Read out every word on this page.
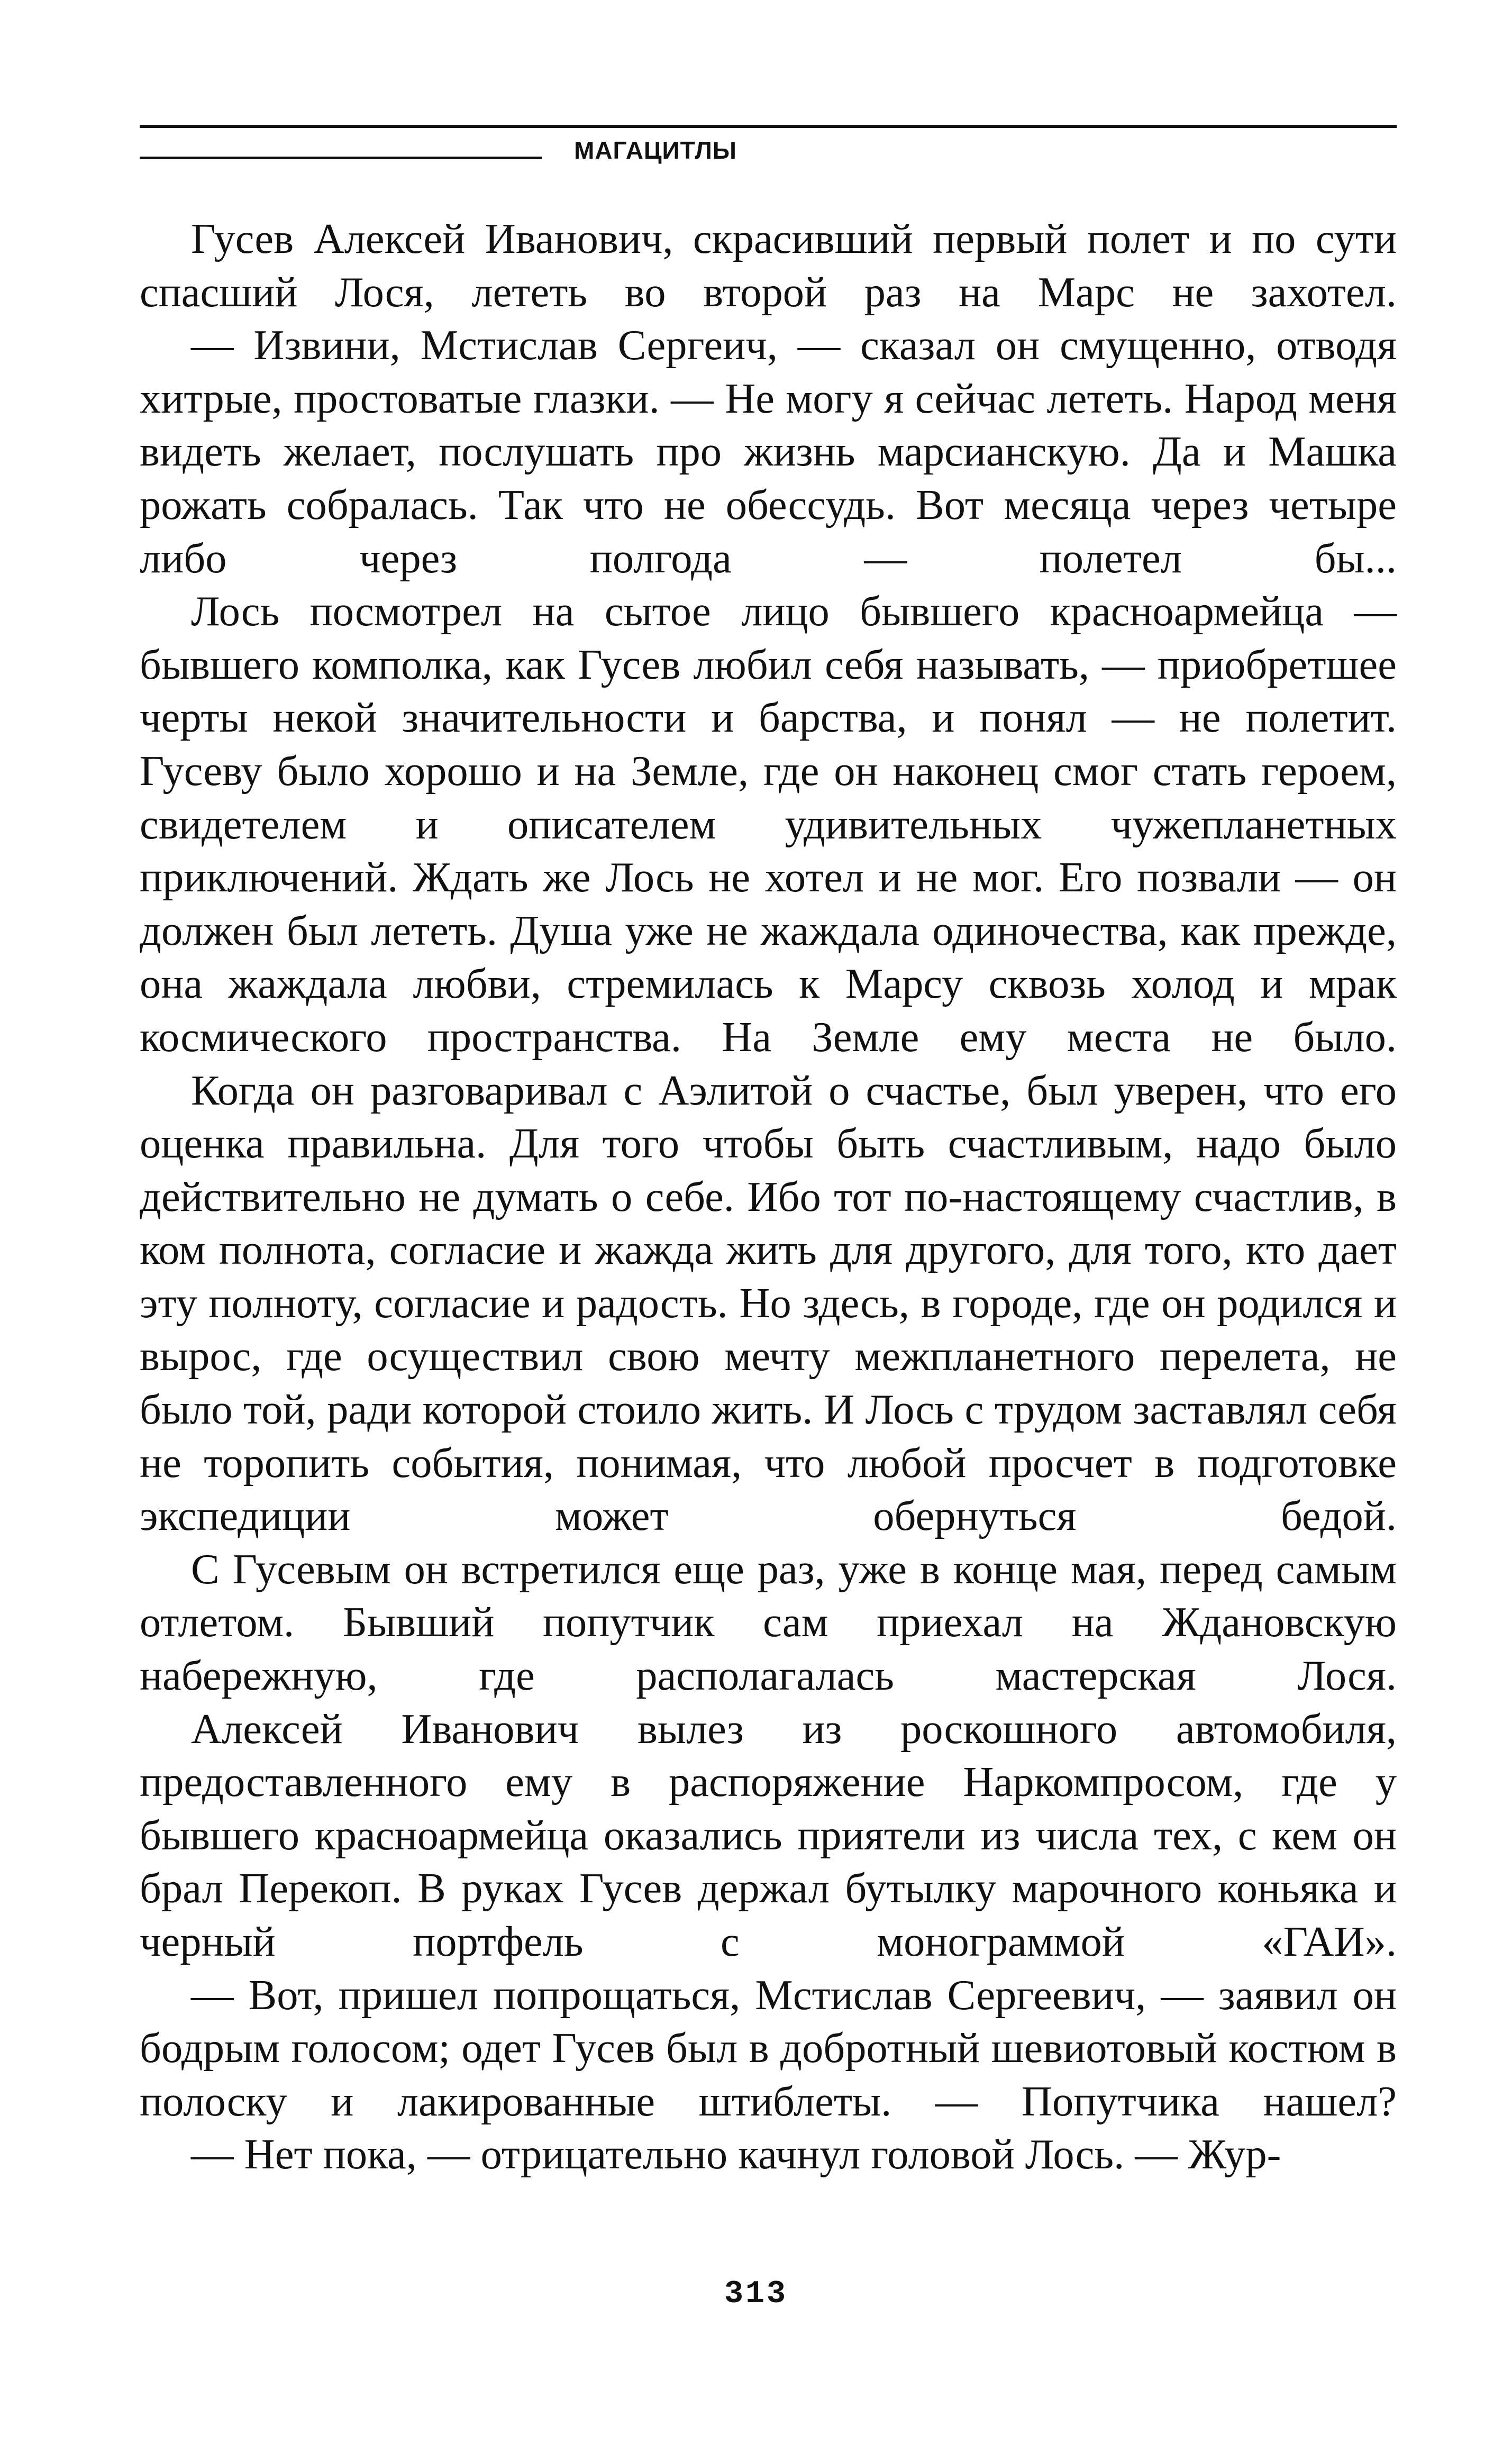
МАГАЦИТЛЫ

Гусев Алексей Иванович, скрасивший первый полет и по сути спасший Лося, лететь во второй раз на Марс не захотел.

— Извини, Мстислав Сергеич, — сказал он смущенно, отводя хитрые, простоватые глазки. — Не могу я сейчас лететь. Народ меня видеть желает, послушать про жизнь марсианскую. Да и Машка рожать собралась. Так что не обессудь. Вот месяца через четыре либо через полгода — полетел бы...

Лось посмотрел на сытое лицо бывшего красноармейца — бывшего комполка, как Гусев любил себя называть, — приобретшее черты некой значительности и барства, и понял — не полетит. Гусеву было хорошо и на Земле, где он наконец смог стать героем, свидетелем и описателем удивительных чужепланетных приключений. Ждать же Лось не хотел и не мог. Его позвали — он должен был лететь. Душа уже не жаждала одиночества, как прежде, она жаждала любви, стремилась к Марсу сквозь холод и мрак космического пространства. На Земле ему места не было.

Когда он разговаривал с Аэлитой о счастье, был уверен, что его оценка правильна. Для того чтобы быть счастливым, надо было действительно не думать о себе. Ибо тот по-настоящему счастлив, в ком полнота, согласие и жажда жить для другого, для того, кто дает эту полноту, согласие и радость. Но здесь, в городе, где он родился и вырос, где осуществил свою мечту межпланетного перелета, не было той, ради которой стоило жить. И Лось с трудом заставлял себя не торопить события, понимая, что любой просчет в подготовке экспедиции может обернуться бедой.

С Гусевым он встретился еще раз, уже в конце мая, перед самым отлетом. Бывший попутчик сам приехал на Ждановскую набережную, где располагалась мастерская Лося.

Алексей Иванович вылез из роскошного автомобиля, предоставленного ему в распоряжение Наркомпросом, где у бывшего красноармейца оказались приятели из числа тех, с кем он брал Перекоп. В руках Гусев держал бутылку марочного коньяка и черный портфель с монограммой «ГАИ».

— Вот, пришел попрощаться, Мстислав Сергеевич, — заявил он бодрым голосом; одет Гусев был в добротный шевиотовый костюм в полоску и лакированные штиблеты. — Попутчика нашел?

— Нет пока, — отрицательно качнул головой Лось. — Жур-

313
